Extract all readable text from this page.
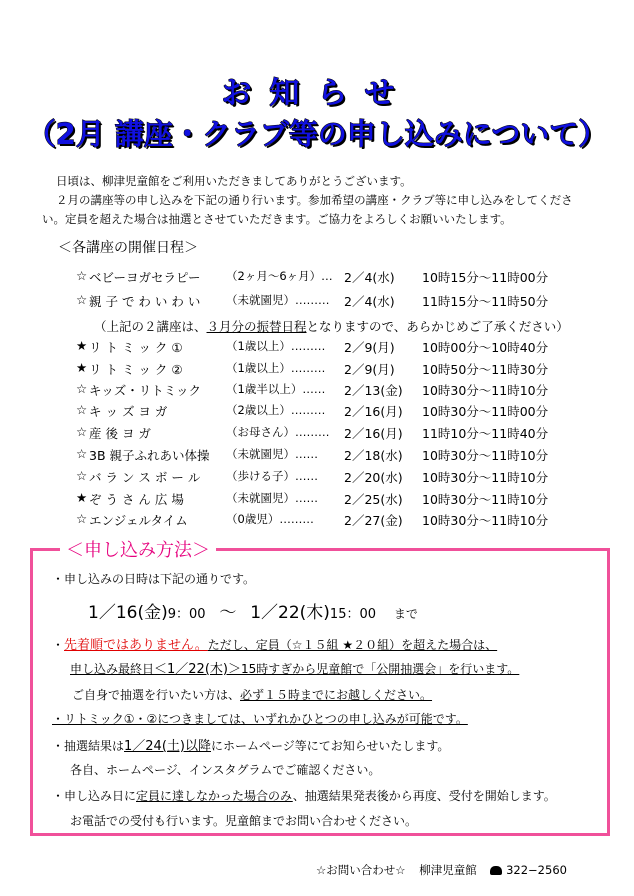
お知らせ
（2月 講座・クラブ等の申し込みについて）

日頃は、柳津児童館をご利用いただきましてありがとうございます。

２月の講座等の申し込みを下記の通り行います。参加希望の講座・クラブ等に申し込みをしてくださ

い。定員を超えた場合は抽選とさせていただきます。ご協力をよろしくお願いいたします。

＜各講座の開催日程＞
☆ ベビーヨガセラピー （2ヶ月〜6ヶ月）… 2／4(水) 10時15分〜11時00分
☆ 親 子 で わ い わ い （未就園児）……… 2／4(水) 11時15分〜11時50分
★ リ ト ミ ッ ク ①	（1歳以上）……… 2／9(月) 10時00分〜10時40分
★ リ ト ミ ッ ク ②	（1歳以上）……… 2／9(月) 10時50分〜11時30分
☆ キッズ・リトミック （1歳半以上）…… 2／13(金) 10時30分〜11時10分
☆ キ ッ ズ ヨ ガ	（2歳以上）……… 2／16(月) 10時30分〜11時00分
☆ 産 後 ヨ ガ	（お母さん）……… 2／16(月) 11時10分〜11時40分
☆ 3B 親子ふれあい体操 （未就園児）…… 2／18(水) 10時30分〜11時10分
☆ バ ラ ン ス ボ ー ル （歩ける子）…… 2／20(水) 10時30分〜11時10分
★ ぞ う さ ん 広 場	（未就園児）…… 2／25(水) 10時30分〜11時10分
☆ エンジェルタイム	（0歳児）……… 2／27(金) 10時30分〜11時10分
（上記の２講座は、３月分の振替日程となりますので、あらかじめご了承ください）
＜申し込み方法＞
・申し込みの日時は下記の通りです。
1／16(金)9：00 〜 1／22(木)15：00 まで
・先着順ではありません。ただし、定員（☆１５組 ★２０組）を超えた場合は、
申し込み最終日＜1／22(木)＞15時すぎから児童館で「公開抽選会」を行います。
ご自身で抽選を行いたい方は、必ず１５時までにお越しください。
・リトミック①・②につきましては、いずれかひとつの申し込みが可能です。
・抽選結果は1／24(土)以降にホームページ等にてお知らせいたします。
各自、ホームページ、インスタグラムでご確認ください。
・申し込み日に定員に達しなかった場合のみ、抽選結果発表後から再度、受付を開始します。
お電話での受付も行います。児童館までお問い合わせください。
☆お問い合わせ☆ 柳津児童館	322−2560
